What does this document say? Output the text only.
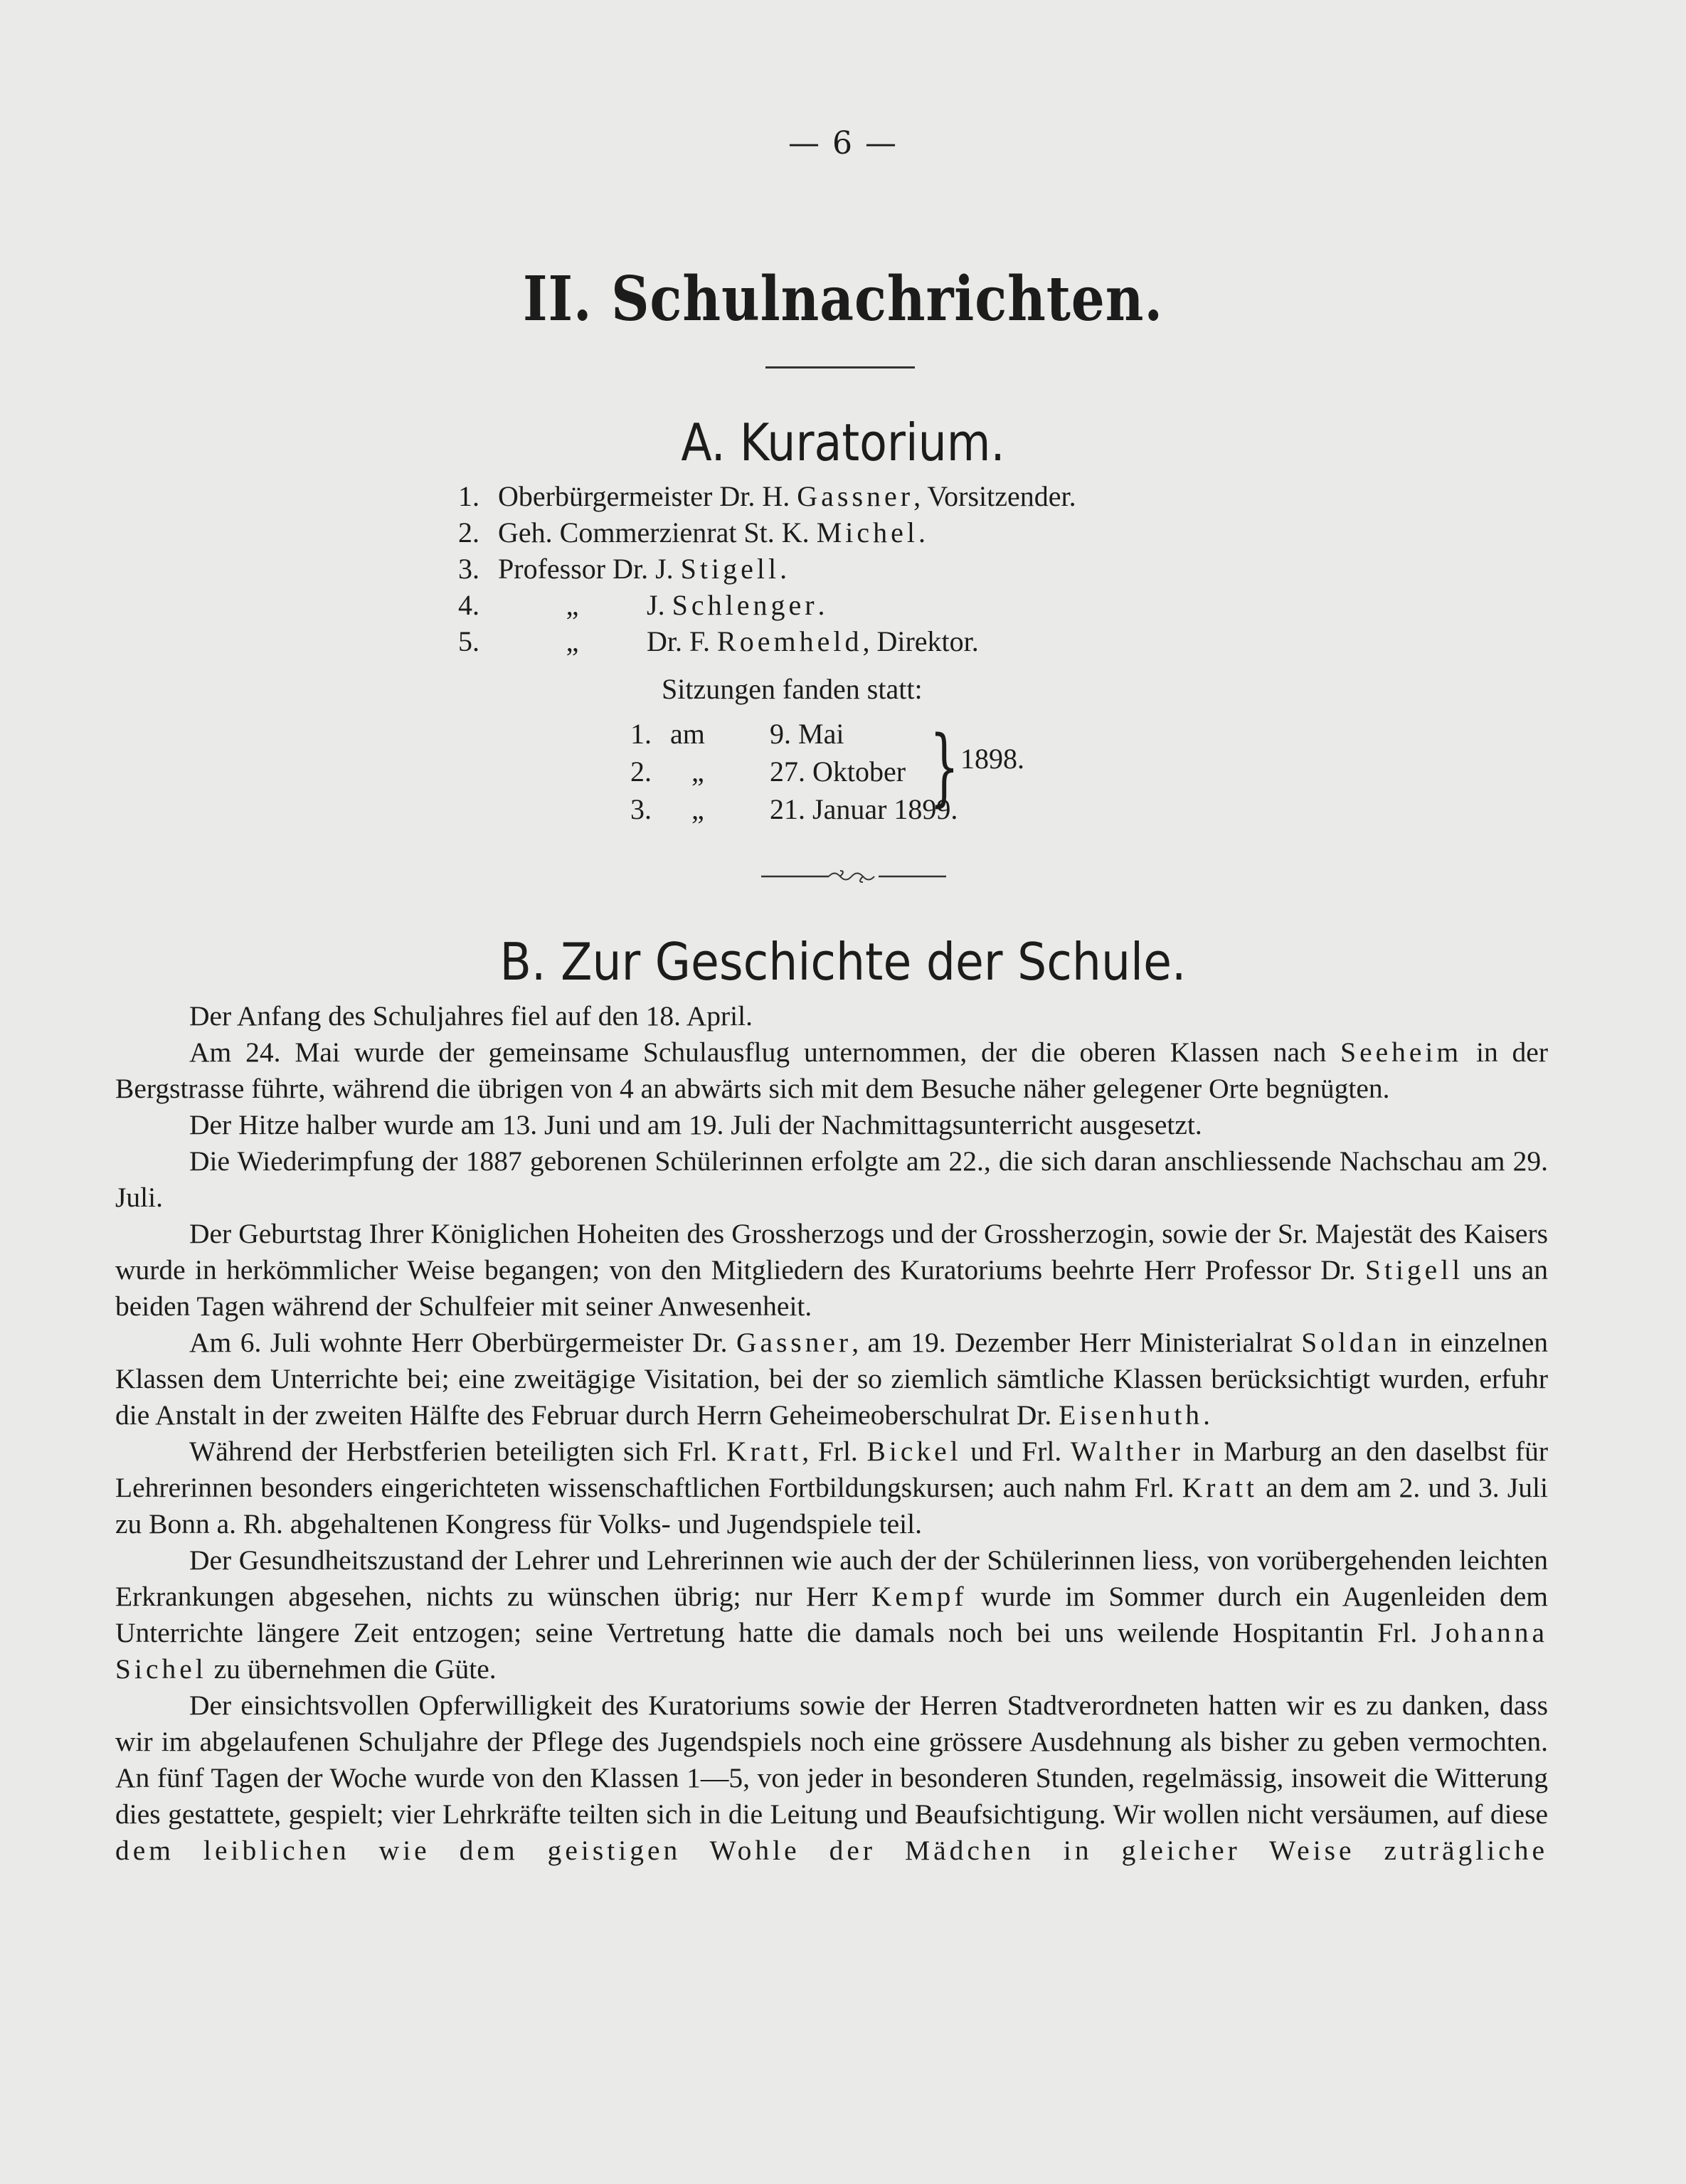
— 6 —
II. Schulnachrichten.
A. Kuratorium.
1. Oberbürgermeister Dr. H. Gassner , Vorsitzender.
2. Geh. Commerzienrat St. K. Michel .
3. Professor Dr. J. Stigell .
4.	„	J. Schlenger .
5.	„	Dr. F. Roemheld , Direktor.
Sitzungen fanden statt:
1. am	9. Mai
2.	„	27. Oktober
3.	„	21. Januar 1899.
} 1898.
B. Zur Geschichte der Schule.

Der Anfang des Schuljahres fiel auf den 18. April.

Am 24. Mai wurde der gemeinsame Schulausflug unternommen, der die oberen Klassen nach Seeheim in der Bergstrasse führte, während die übrigen von 4 an abwärts sich mit dem Besuche näher gelegener Orte begnügten.

Der Hitze halber wurde am 13. Juni und am 19. Juli der Nachmittagsunterricht ausgesetzt.

Die Wiederimpfung der 1887 geborenen Schülerinnen erfolgte am 22., die sich daran anschliessende Nachschau am 29. Juli.

Der Geburtstag Ihrer Königlichen Hoheiten des Grossherzogs und der Grossherzogin, sowie der Sr. Majestät des Kaisers wurde in herkömmlicher Weise begangen; von den Mitgliedern des Kuratoriums beehrte Herr Professor Dr. Stigell uns an beiden Tagen während der Schulfeier mit seiner Anwesenheit.

Am 6. Juli wohnte Herr Oberbürgermeister Dr. Gassner, am 19. Dezember Herr Ministerialrat Soldan in einzelnen Klassen dem Unterrichte bei; eine zweitägige Visitation, bei der so ziemlich sämtliche Klassen berücksichtigt wurden, erfuhr die Anstalt in der zweiten Hälfte des Februar durch Herrn Geheimeoberschulrat Dr. Eisenhuth.

Während der Herbstferien beteiligten sich Frl. Kratt, Frl. Bickel und Frl. Walther in Marburg an den daselbst für Lehrerinnen besonders eingerichteten wissenschaftlichen Fortbildungskursen; auch nahm Frl. Kratt an dem am 2. und 3. Juli zu Bonn a. Rh. abgehaltenen Kongress für Volks- und Jugendspiele teil.

Der Gesundheitszustand der Lehrer und Lehrerinnen wie auch der der Schülerinnen liess, von vorübergehenden leichten Erkrankungen abgesehen, nichts zu wünschen übrig; nur Herr Kempf wurde im Sommer durch ein Augenleiden dem Unterrichte längere Zeit entzogen; seine Vertretung hatte die damals noch bei uns weilende Hospitantin Frl. Johanna Sichel zu übernehmen die Güte.

Der einsichtsvollen Opferwilligkeit des Kuratoriums sowie der Herren Stadtverordneten hatten wir es zu danken, dass wir im abgelaufenen Schuljahre der Pflege des Jugendspiels noch eine grössere Ausdehnung als bisher zu geben vermochten. An fünf Tagen der Woche wurde von den Klassen 1—5, von jeder in besonderen Stunden, regelmässig, insoweit die Witterung dies gestattete, gespielt; vier Lehrkräfte teilten sich in die Leitung und Beaufsichtigung. Wir wollen nicht versäumen, auf diese dem leiblichen wie dem geistigen Wohle der Mädchen in gleicher Weise zuträgliche
